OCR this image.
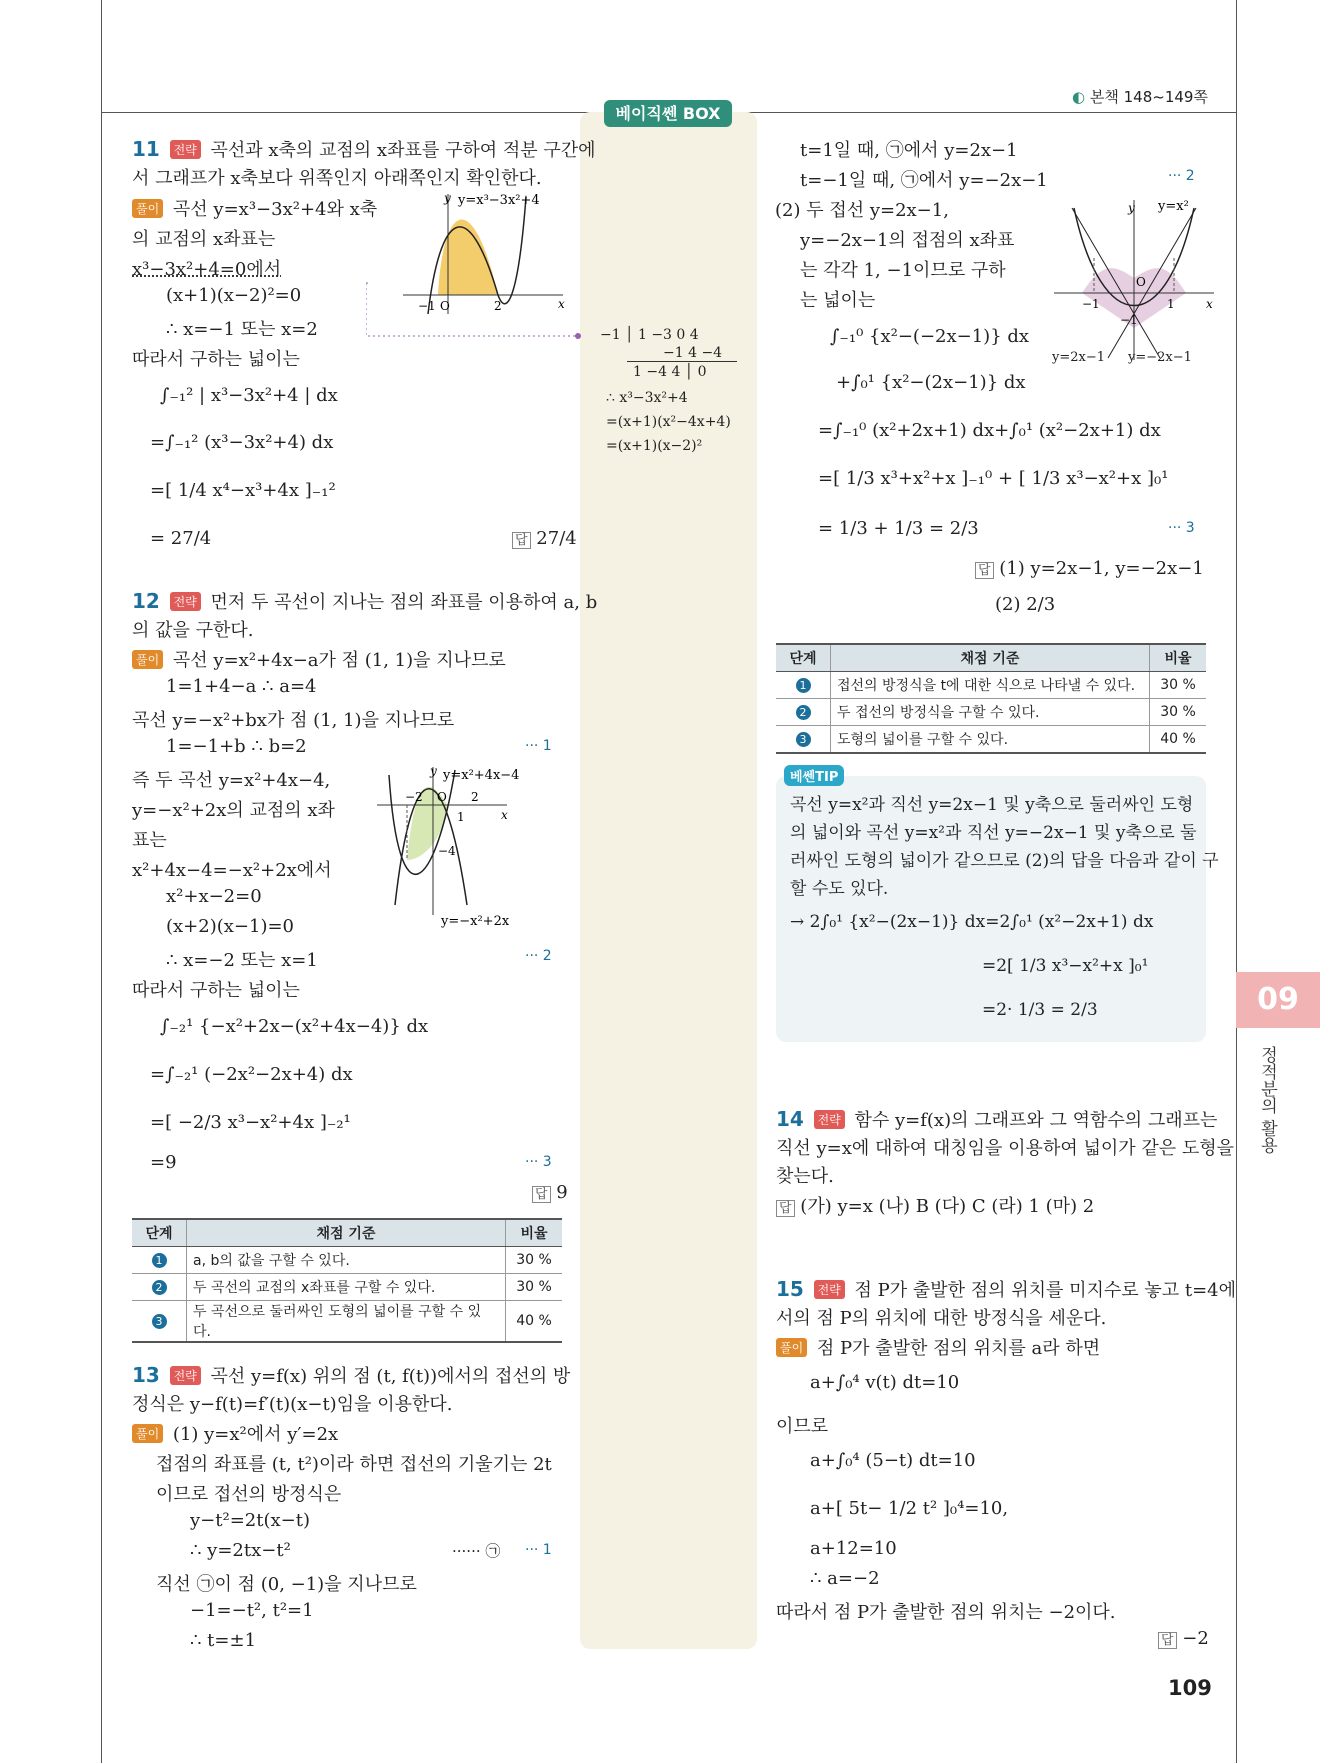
◐ 본책 148~149쪽
베이직쎈 BOX
11 전략 곡선과 x축의 교점의 x좌표를 구하여 적분 구간에
서 그래프가 x축보다 위쪽인지 아래쪽인지 확인한다.
풀이 곡선 y=x³−3x²+4와 x축
의 교점의 x좌표는
x³−3x²+4=0에서
(x+1)(x−2)²=0
∴ x=−1 또는 x=2
따라서 구하는 넓이는
∫₋₁² | x³−3x²+4 | dx
=∫₋₁² (x³−3x²+4) dx
=[ 1/4 x⁴−x³+4x ]₋₁²
= 27/4	답 27/4
y
x
y=x³−3x²+4
−1 O	2
−1 │ 1 −3 0 4
−1 4 −4
1 −4 4 │ 0
∴ x³−3x²+4
=(x+1)(x²−4x+4)
=(x+1)(x−2)²
12 전략 먼저 두 곡선이 지나는 점의 좌표를 이용하여 a, b
의 값을 구한다.
풀이 곡선 y=x²+4x−a가 점 (1, 1)을 지나므로
1=1+4−a ∴ a=4
곡선 y=−x²+bx가 점 (1, 1)을 지나므로
1=−1+b ∴ b=2	··· 1
즉 두 곡선 y=x²+4x−4,
y=−x²+2x의 교점의 x좌
표는
x²+4x−4=−x²+2x에서
x²+x−2=0
(x+2)(x−1)=0
∴ x=−2 또는 x=1	··· 2
따라서 구하는 넓이는
∫₋₂¹ {−x²+2x−(x²+4x−4)} dx
=∫₋₂¹ (−2x²−2x+4) dx
=[ −2/3 x³−x²+4x ]₋₂¹
=9	··· 3
답 9
y
x
y=x²+4x−4
y=−x²+2x
−2 O 2
1
−4
단계	채점 기준	비율
1	a, b의 값을 구할 수 있다.	30 %
2	두 곡선의 교점의 x좌표를 구할 수 있다.	30 %
3	두 곡선으로 둘러싸인 도형의 넓이를 구할 수 있다.	40 %
13 전략 곡선 y=f(x) 위의 점 (t, f(t))에서의 접선의 방
정식은 y−f(t)=f′(t)(x−t)임을 이용한다.
풀이 (1) y=x²에서 y′=2x
접점의 좌표를 (t, t²)이라 하면 접선의 기울기는 2t
이므로 접선의 방정식은
y−t²=2t(x−t)
∴ y=2tx−t²	······ ㉠ ··· 1
직선 ㉠이 점 (0, −1)을 지나므로
−1=−t², t²=1
∴ t=±1
t=1일 때, ㉠에서 y=2x−1
t=−1일 때, ㉠에서 y=−2x−1	··· 2
(2) 두 접선 y=2x−1,
y=−2x−1의 접점의 x좌표
는 각각 1, −1이므로 구하
는 넓이는
∫₋₁⁰ {x²−(−2x−1)} dx
+∫₀¹ {x²−(2x−1)} dx
=∫₋₁⁰ (x²+2x+1) dx+∫₀¹ (x²−2x+1) dx
=[ 1/3 x³+x²+x ]₋₁⁰ + [ 1/3 x³−x²+x ]₀¹
= 1/3 + 1/3 = 2/3	··· 3
답 (1) y=2x−1, y=−2x−1
(2) 2/3
y
x
y=x²
−1	1
−1
O
y=2x−1 y=−2x−1
단계	채점 기준	비율
1	접선의 방정식을 t에 대한 식으로 나타낼 수 있다.	30 %
2	두 접선의 방정식을 구할 수 있다.	30 %
3	도형의 넓이를 구할 수 있다.	40 %
베쎈TIP
곡선 y=x²과 직선 y=2x−1 및 y축으로 둘러싸인 도형
의 넓이와 곡선 y=x²과 직선 y=−2x−1 및 y축으로 둘
러싸인 도형의 넓이가 같으므로 (2)의 답을 다음과 같이 구
할 수도 있다.
→ 2∫₀¹ {x²−(2x−1)} dx=2∫₀¹ (x²−2x+1) dx
=2[ 1/3 x³−x²+x ]₀¹
=2· 1/3 = 2/3
14 전략 함수 y=f(x)의 그래프와 그 역함수의 그래프는
직선 y=x에 대하여 대칭임을 이용하여 넓이가 같은 도형을
찾는다.
답 (가) y=x (나) B (다) C (라) 1 (마) 2
15 전략 점 P가 출발한 점의 위치를 미지수로 놓고 t=4에
서의 점 P의 위치에 대한 방정식을 세운다.
풀이 점 P가 출발한 점의 위치를 a라 하면
a+∫₀⁴ v(t) dt=10
이므로
a+∫₀⁴ (5−t) dt=10
a+[ 5t− 1/2 t² ]₀⁴=10,
a+12=10
∴ a=−2
따라서 점 P가 출발한 점의 위치는 −2이다.
답 −2
09
정적분의 활용
109
